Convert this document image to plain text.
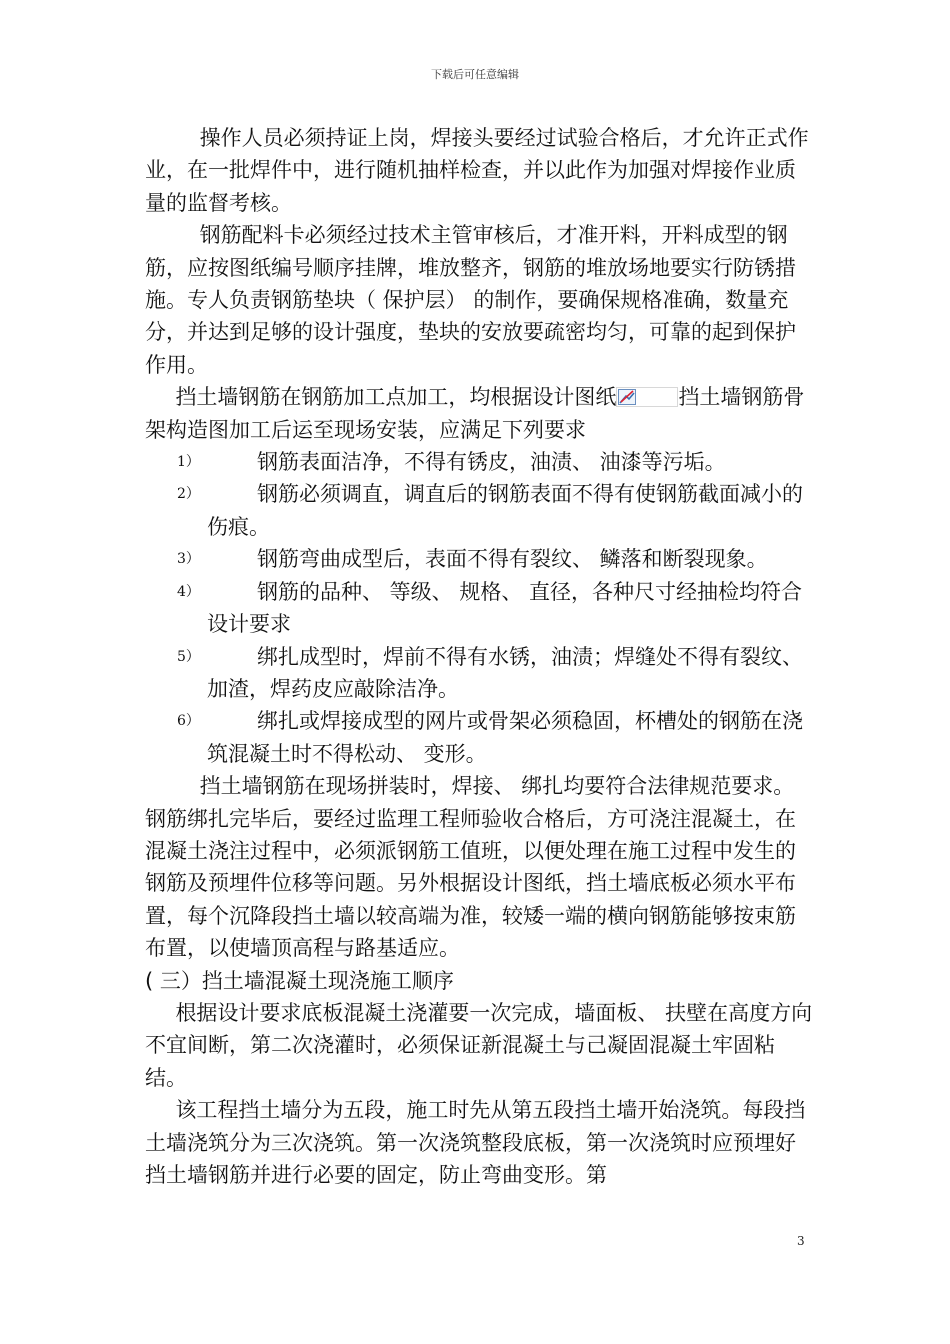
下载后可任意编辑

操作人员必须持证上岗，焊接头要经过试验合格后，才允许正式作业，在一批焊件中，进行随机抽样检查，并以此作为加强对焊接作业质量的监督考核。

钢筋配料卡必须经过技术主管审核后，才准开料，开料成型的钢筋，应按图纸编号顺序挂牌，堆放整齐，钢筋的堆放场地要实行防锈措施。专人负责钢筋垫块（ 保护层） 的制作，要确保规格准确，数量充分，并达到足够的设计强度，垫块的安放要疏密均匀，可靠的起到保护作用。

挡土墙钢筋在钢筋加工点加工，均根据设计图纸	挡土墙钢筋骨架构造图加工后运至现场安装，应满足下列要求

1）	钢筋表面洁净，不得有锈皮，油渍、 油漆等污垢。
2）	钢筋必须调直，调直后的钢筋表面不得有使钢筋截面减小的伤痕。
3）	钢筋弯曲成型后，表面不得有裂纹、 鳞落和断裂现象。
4）	钢筋的品种、 等级、 规格、 直径，各种尺寸经抽检均符合设计要求
5）	绑扎成型时，焊前不得有水锈，油渍；焊缝处不得有裂纹、 加渣，焊药皮应敲除洁净。
6）	绑扎或焊接成型的网片或骨架必须稳固，杯槽处的钢筋在浇筑混凝土时不得松动、 变形。

挡土墙钢筋在现场拼装时，焊接、 绑扎均要符合法律规范要求。钢筋绑扎完毕后，要经过监理工程师验收合格后，方可浇注混凝土，在混凝土浇注过程中，必须派钢筋工值班，以便处理在施工过程中发生的钢筋及预埋件位移等问题。另外根据设计图纸，挡土墙底板必须水平布置，每个沉降段挡土墙以较高端为准，较矮一端的横向钢筋能够按束筋布置，以使墙顶高程与路基适应。

( 三）挡土墙混凝土现浇施工顺序

根据设计要求底板混凝土浇灌要一次完成，墙面板、 扶壁在高度方向不宜间断，第二次浇灌时，必须保证新混凝土与己凝固混凝土牢固粘结。

该工程挡土墙分为五段，施工时先从第五段挡土墙开始浇筑。每段挡土墙浇筑分为三次浇筑。第一次浇筑整段底板，第一次浇筑时应预埋好挡土墙钢筋并进行必要的固定，防止弯曲变形。第

3
